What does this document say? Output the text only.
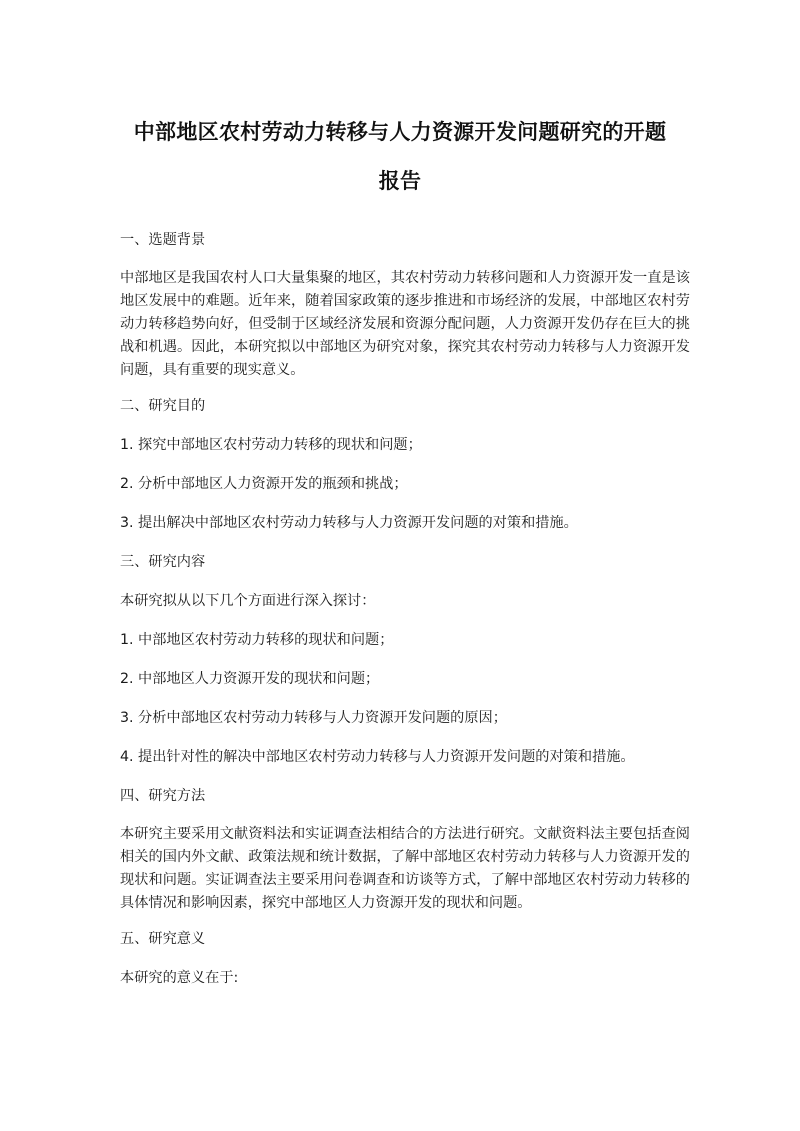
中部地区农村劳动力转移与人力资源开发问题研究的开题
报告

一、选题背景

中部地区是我国农村人口大量集聚的地区，其农村劳动力转移问题和人力资源开发一直是该地区发展中的难题。近年来，随着国家政策的逐步推进和市场经济的发展，中部地区农村劳动力转移趋势向好，但受制于区域经济发展和资源分配问题，人力资源开发仍存在巨大的挑战和机遇。因此，本研究拟以中部地区为研究对象，探究其农村劳动力转移与人力资源开发问题，具有重要的现实意义。

二、研究目的

1. 探究中部地区农村劳动力转移的现状和问题；

2. 分析中部地区人力资源开发的瓶颈和挑战；

3. 提出解决中部地区农村劳动力转移与人力资源开发问题的对策和措施。

三、研究内容

本研究拟从以下几个方面进行深入探讨：

1. 中部地区农村劳动力转移的现状和问题；

2. 中部地区人力资源开发的现状和问题；

3. 分析中部地区农村劳动力转移与人力资源开发问题的原因；

4. 提出针对性的解决中部地区农村劳动力转移与人力资源开发问题的对策和措施。

四、研究方法

本研究主要采用文献资料法和实证调查法相结合的方法进行研究。文献资料法主要包括查阅相关的国内外文献、政策法规和统计数据，了解中部地区农村劳动力转移与人力资源开发的现状和问题。实证调查法主要采用问卷调查和访谈等方式，了解中部地区农村劳动力转移的具体情况和影响因素，探究中部地区人力资源开发的现状和问题。

五、研究意义

本研究的意义在于:
